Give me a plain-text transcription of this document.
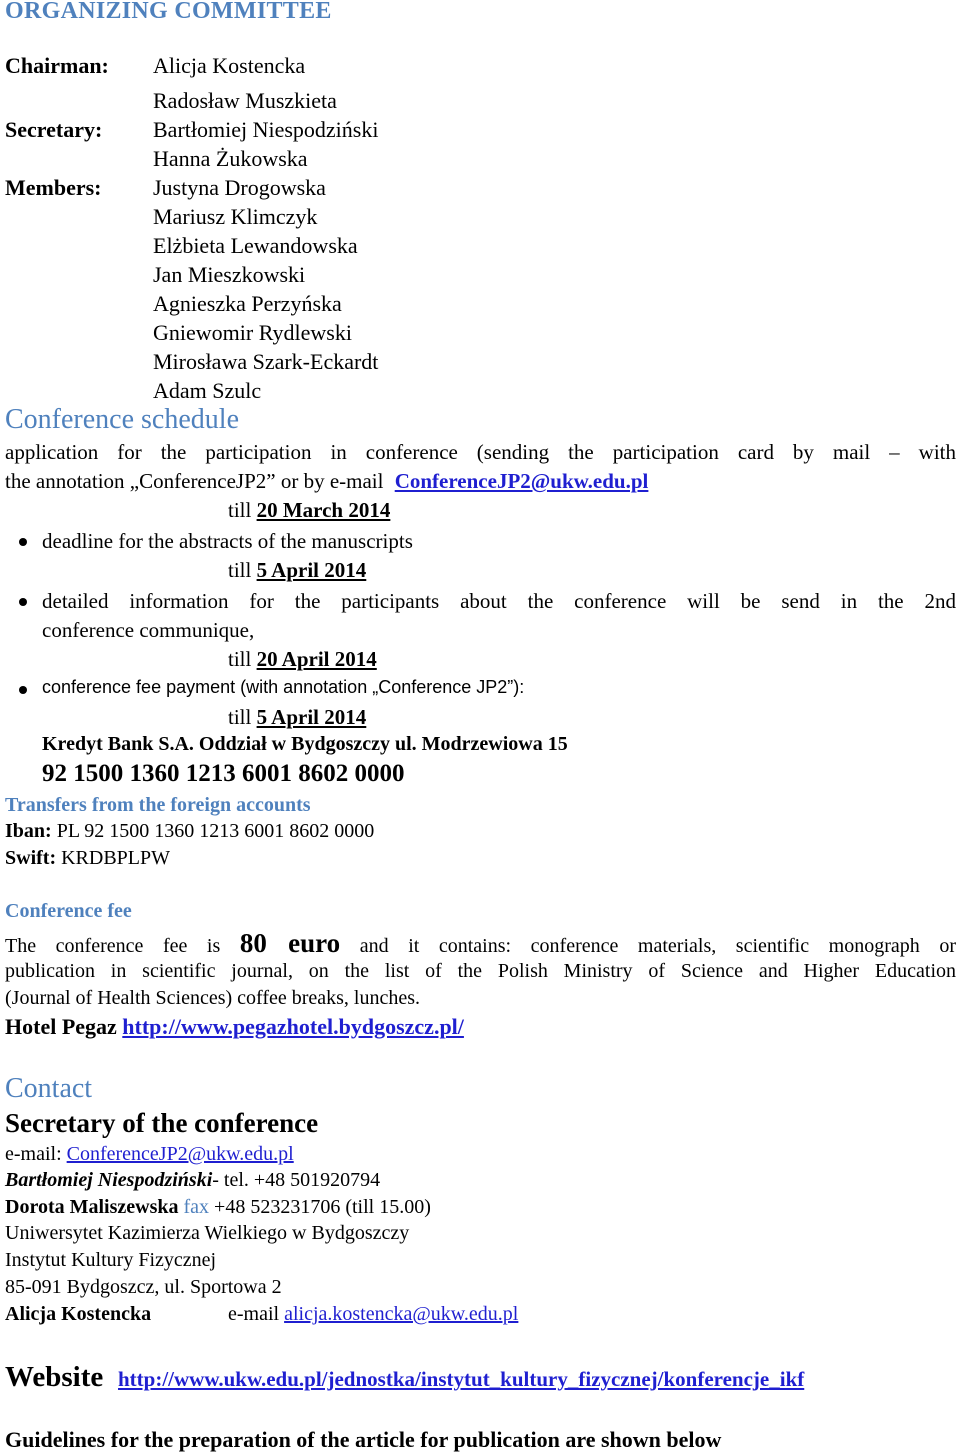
ORGANIZING COMMITTEE
Chairman:
Secretary:
Members:
Alicja Kostencka
Radosław Muszkieta
Bartłomiej Niespodziński
Hanna Żukowska
Justyna Drogowska
Mariusz Klimczyk
Elżbieta Lewandowska
Jan Mieszkowski
Agnieszka Perzyńska
Gniewomir Rydlewski
Mirosława Szark-Eckardt
Adam Szulc
Conference schedule
application for the participation in conference (sending the participation card by mail – with
the annotation „ConferenceJP2” or by e-mail ConferenceJP2@ukw.edu.pl
till 20 March 2014
deadline for the abstracts of the manuscripts
till 5 April 2014
detailed information for the participants about the conference will be send in the 2nd
conference communique,
till 20 April 2014
conference fee payment (with annotation „Conference JP2”):
till 5 April 2014
Kredyt Bank S.A. Oddział w Bydgoszczy ul. Modrzewiowa 15
92 1500 1360 1213 6001 8602 0000
Transfers from the foreign accounts
Iban: PL 92 1500 1360 1213 6001 8602 0000
Swift: KRDBPLPW
Conference fee
The conference fee is 80 euro and it contains: conference materials, scientific monograph or
publication in scientific journal, on the list of the Polish Ministry of Science and Higher Education
(Journal of Health Sciences) coffee breaks, lunches.
Hotel Pegaz http://www.pegazhotel.bydgoszcz.pl/
Contact
Secretary of the conference
e-mail: ConferenceJP2@ukw.edu.pl
Bartłomiej Niespodziński- tel. +48 501920794
Dorota Maliszewska fax +48 523231706 (till 15.00)
Uniwersytet Kazimierza Wielkiego w Bydgoszczy
Instytut Kultury Fizycznej
85-091 Bydgoszcz, ul. Sportowa 2
Alicja Kostencka	e-mail alicja.kostencka@ukw.edu.pl
Website http://www.ukw.edu.pl/jednostka/instytut_kultury_fizycznej/konferencje_ikf
Guidelines for the preparation of the article for publication are shown below
